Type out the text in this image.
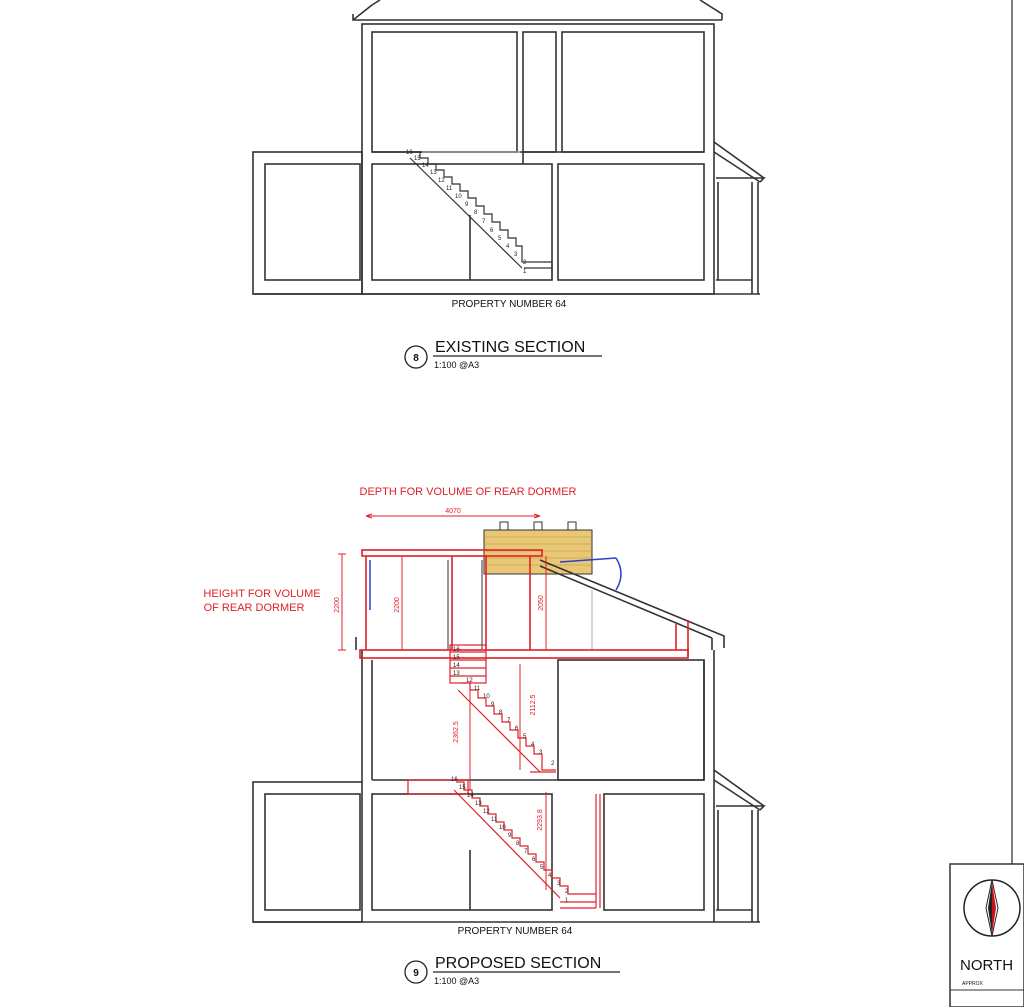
16
15
14
13
12
11
10
9
8
7
6
5
4
3
2
1
PROPERTY NUMBER 64
8
EXISTING SECTION
1:100 @A3
DEPTH FOR VOLUME OF REAR DORMER
HEIGHT FOR VOLUME
OF REAR DORMER
4070
2200	2200	2050
2112.5
2362.5
2293.8
16
15
14
13
12
11
10
9
8
7
6
5
4
3
2
16
15
14
13
12
11
10
9
8
7
6
5
4
3
2
1
PROPERTY NUMBER 64
9
PROPOSED SECTION
1:100 @A3
NORTH
APPROX
